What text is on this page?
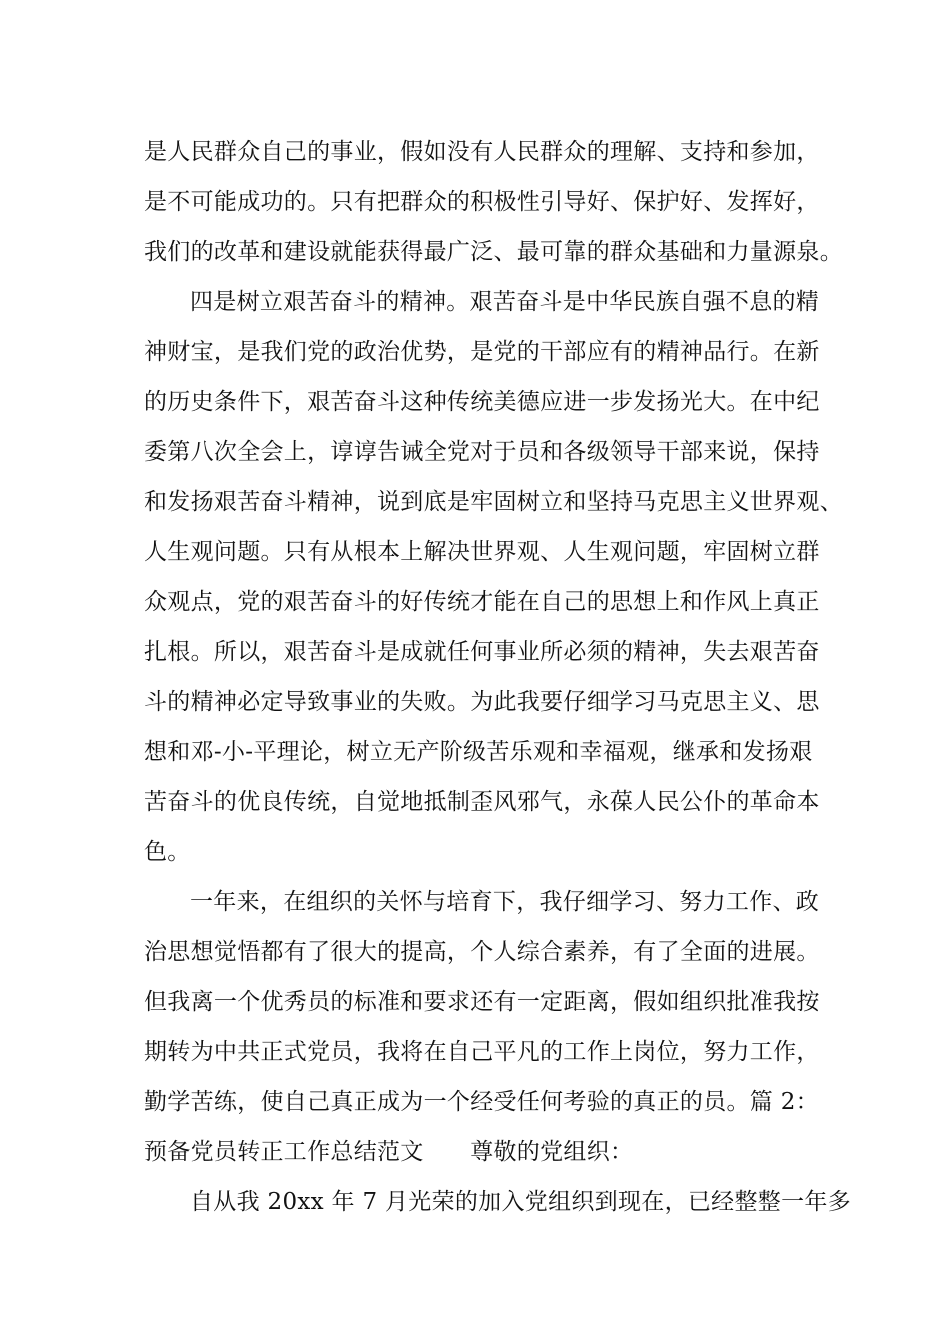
是人民群众自己的事业，假如没有人民群众的理解、支持和参加，
是不可能成功的。只有把群众的积极性引导好、保护好、发挥好，
我们的改革和建设就能获得最广泛、最可靠的群众基础和力量源泉。
四是树立艰苦奋斗的精神。艰苦奋斗是中华民族自强不息的精
神财宝，是我们党的政治优势，是党的干部应有的精神品行。在新
的历史条件下，艰苦奋斗这种传统美德应进一步发扬光大。在中纪
委第八次全会上，谆谆告诫全党对于员和各级领导干部来说，保持
和发扬艰苦奋斗精神，说到底是牢固树立和坚持马克思主义世界观、
人生观问题。只有从根本上解决世界观、人生观问题，牢固树立群
众观点，党的艰苦奋斗的好传统才能在自己的思想上和作风上真正
扎根。所以，艰苦奋斗是成就任何事业所必须的精神，失去艰苦奋
斗的精神必定导致事业的失败。为此我要仔细学习马克思主义、思
想和邓-小-平理论，树立无产阶级苦乐观和幸福观，继承和发扬艰
苦奋斗的优良传统，自觉地抵制歪风邪气，永葆人民公仆的革命本
色。
一年来，在组织的关怀与培育下，我仔细学习、努力工作、政
治思想觉悟都有了很大的提高，个人综合素养，有了全面的进展。
但我离一个优秀员的标准和要求还有一定距离，假如组织批准我按
期转为中共正式党员，我将在自己平凡的工作上岗位，努力工作，
勤学苦练，使自己真正成为一个经受任何考验的真正的员。篇 2：
预备党员转正工作总结范文　　尊敬的党组织：
自从我 20xx 年 7 月光荣的加入党组织到现在，已经整整一年多
